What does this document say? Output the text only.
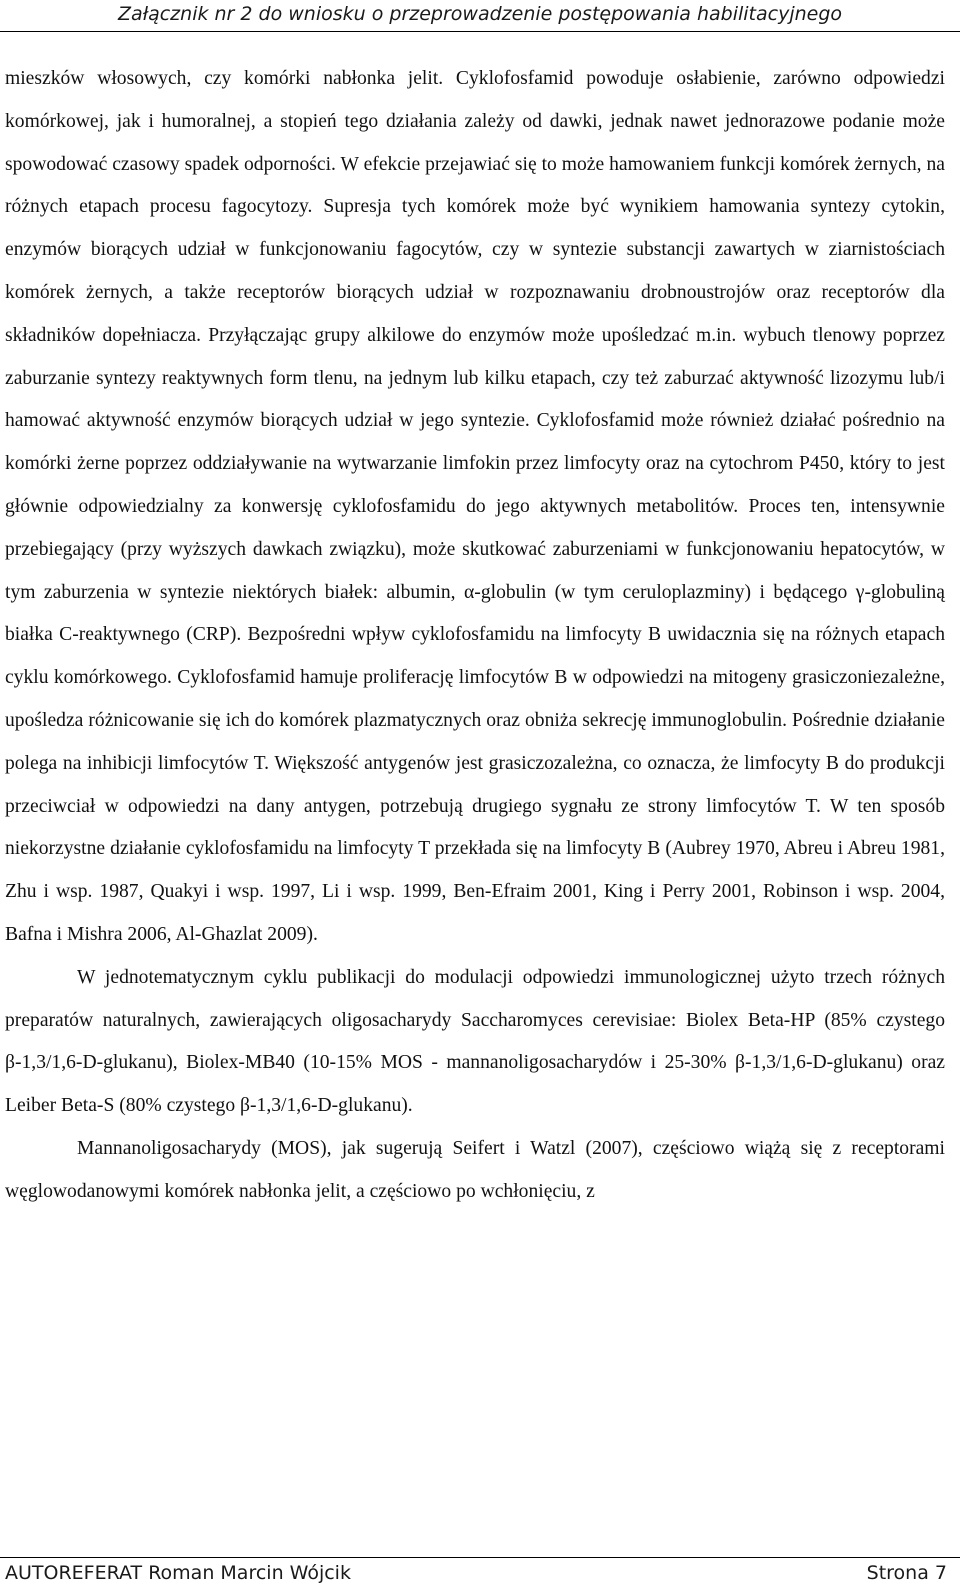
Załącznik nr 2 do wniosku o przeprowadzenie postępowania habilitacyjnego

mieszków włosowych, czy komórki nabłonka jelit. Cyklofosfamid powoduje osłabienie, zarówno odpowiedzi komórkowej, jak i humoralnej, a stopień tego działania zależy od dawki, jednak nawet jednorazowe podanie może spowodować czasowy spadek odporności. W efekcie przejawiać się to może hamowaniem funkcji komórek żernych, na różnych etapach procesu fagocytozy. Supresja tych komórek może być wynikiem hamowania syntezy cytokin, enzymów biorących udział w funkcjonowaniu fagocytów, czy w syntezie substancji zawartych w ziarnistościach komórek żernych, a także receptorów biorących udział w rozpoznawaniu drobnoustrojów oraz receptorów dla składników dopełniacza. Przyłączając grupy alkilowe do enzymów może upośledzać m.in. wybuch tlenowy poprzez zaburzanie syntezy reaktywnych form tlenu, na jednym lub kilku etapach, czy też zaburzać aktywność lizozymu lub/i hamować aktywność enzymów biorących udział w jego syntezie. Cyklofosfamid może również działać pośrednio na komórki żerne poprzez oddziaływanie na wytwarzanie limfokin przez limfocyty oraz na cytochrom P450, który to jest głównie odpowiedzialny za konwersję cyklofosfamidu do jego aktywnych metabolitów. Proces ten, intensywnie przebiegający (przy wyższych dawkach związku), może skutkować zaburzeniami w funkcjonowaniu hepatocytów, w tym zaburzenia w syntezie niektórych białek: albumin, α-globulin (w tym ceruloplazminy) i będącego γ-globuliną białka C-reaktywnego (CRP). Bezpośredni wpływ cyklofosfamidu na limfocyty B uwidacznia się na różnych etapach cyklu komórkowego. Cyklofosfamid hamuje proliferację limfocytów B w odpowiedzi na mitogeny grasiczoniezależne, upośledza różnicowanie się ich do komórek plazmatycznych oraz obniża sekrecję immunoglobulin. Pośrednie działanie polega na inhibicji limfocytów T. Większość antygenów jest grasiczozależna, co oznacza, że limfocyty B do produkcji przeciwciał w odpowiedzi na dany antygen, potrzebują drugiego sygnału ze strony limfocytów T. W ten sposób niekorzystne działanie cyklofosfamidu na limfocyty T przekłada się na limfocyty B (Aubrey 1970, Abreu i Abreu 1981, Zhu i wsp. 1987, Quakyi i wsp. 1997, Li i wsp. 1999, Ben-Efraim 2001, King i Perry 2001, Robinson i wsp. 2004, Bafna i Mishra 2006, Al-Ghazlat 2009).

W jednotematycznym cyklu publikacji do modulacji odpowiedzi immunologicznej użyto trzech różnych preparatów naturalnych, zawierających oligosacharydy Saccharomyces cerevisiae: Biolex Beta-HP (85% czystego β-1,3/1,6-D-glukanu), Biolex-MB40 (10-15% MOS - mannanoligosacharydów i 25-30% β-1,3/1,6-D-glukanu) oraz Leiber Beta-S (80% czystego β-1,3/1,6-D-glukanu).

Mannanoligosacharydy (MOS), jak sugerują Seifert i Watzl (2007), częściowo wiążą się z receptorami węglowodanowymi komórek nabłonka jelit, a częściowo po wchłonięciu, z

AUTOREFERAT Roman Marcin Wójcik	Strona 7
